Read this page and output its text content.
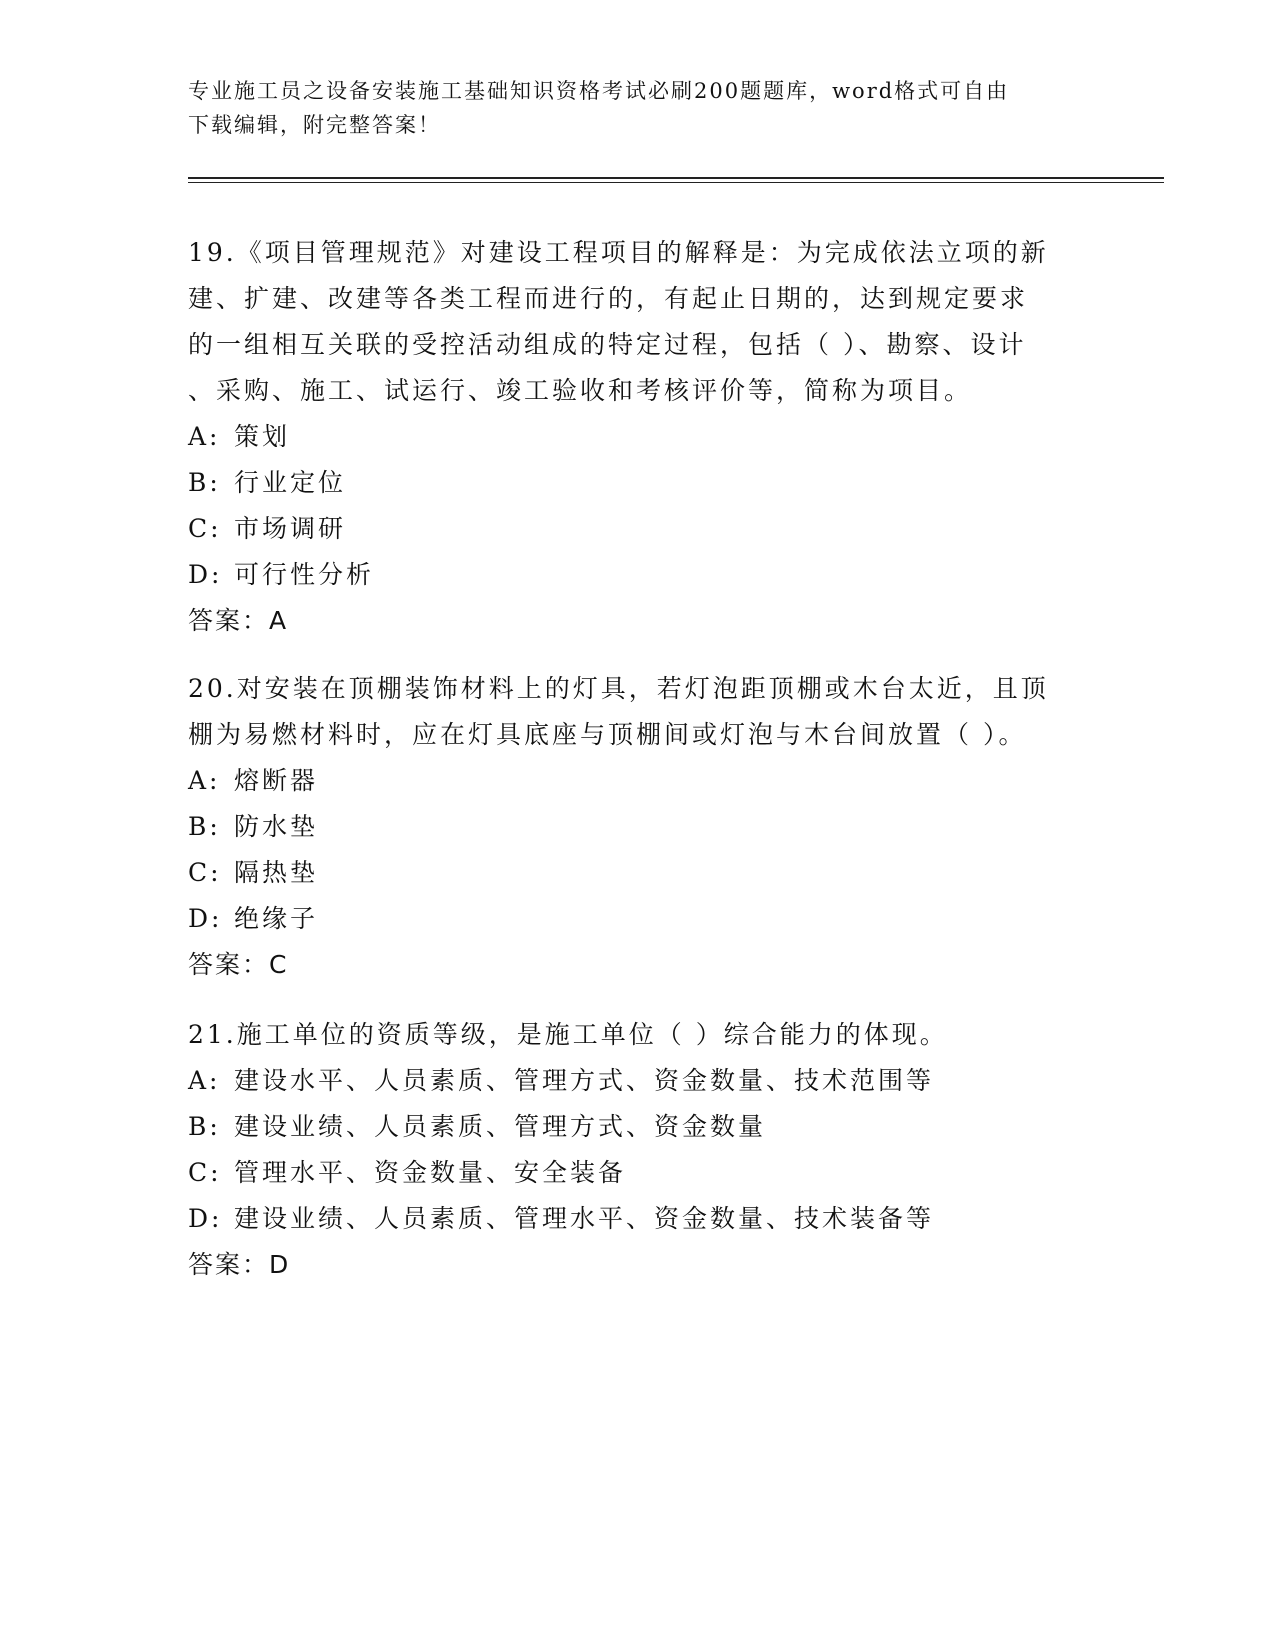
专业施工员之设备安装施工基础知识资格考试必刷200题题库，word格式可自由

下载编辑，附完整答案！

19.《项目管理规范》对建设工程项目的解释是：为完成依法立项的新

建、扩建、改建等各类工程而进行的，有起止日期的，达到规定要求

的一组相互关联的受控活动组成的特定过程，包括（ ）、勘察、设计

、采购、施工、试运行、竣工验收和考核评价等，简称为项目。

A: 策划

B: 行业定位

C: 市场调研

D: 可行性分析

答案：A

20.对安装在顶棚装饰材料上的灯具，若灯泡距顶棚或木台太近，且顶

棚为易燃材料时，应在灯具底座与顶棚间或灯泡与木台间放置（ ）。

A: 熔断器

B: 防水垫

C: 隔热垫

D: 绝缘子

答案：C

21.施工单位的资质等级，是施工单位（ ）综合能力的体现。

A: 建设水平、人员素质、管理方式、资金数量、技术范围等

B: 建设业绩、人员素质、管理方式、资金数量

C: 管理水平、资金数量、安全装备

D: 建设业绩、人员素质、管理水平、资金数量、技术装备等

答案：D
